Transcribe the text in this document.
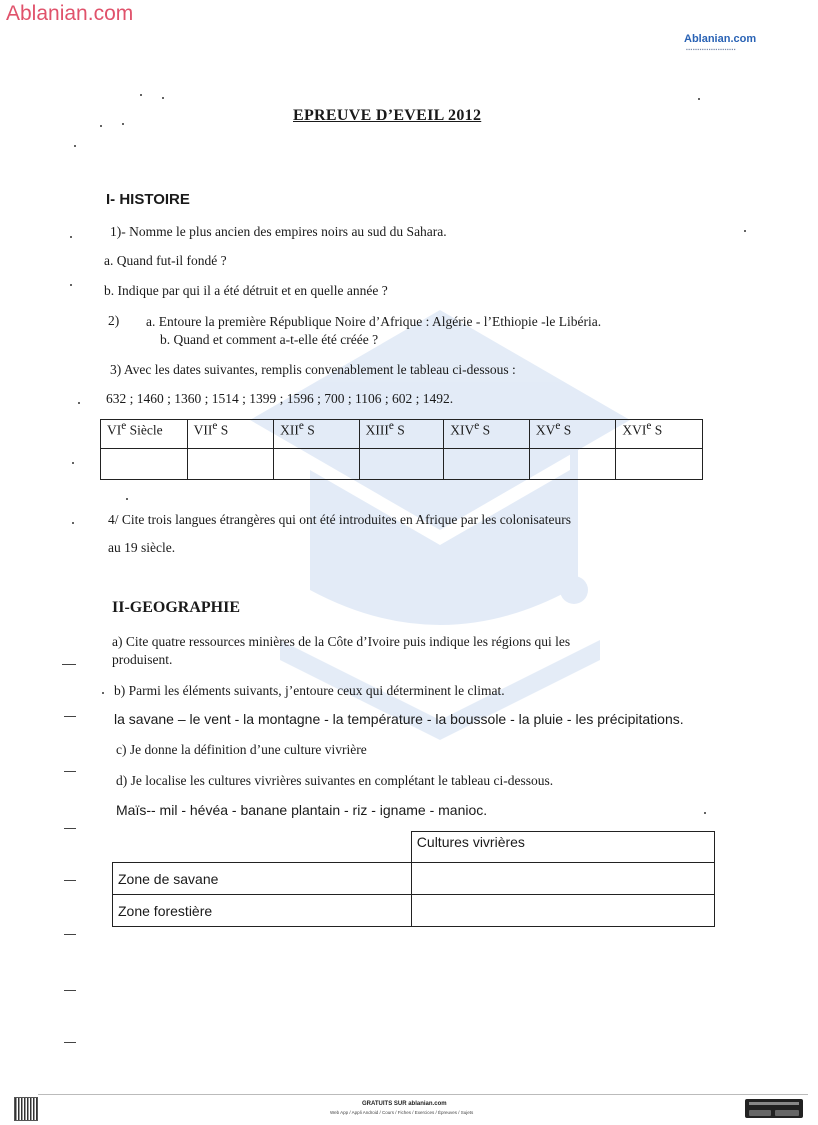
Ablanian.com
Ablanian.com
▪▪▪▪▪▪▪▪▪▪▪▪▪▪▪▪▪▪▪▪▪▪
EPREUVE D’EVEIL 2012
I- HISTOIRE
1)- Nomme le plus ancien des empires noirs au sud du Sahara.
a. Quand fut-il fondé ?
b. Indique par qui il a été détruit et en quelle année ?
2) a. Entoure la première République Noire d’Afrique : Algérie - l’Ethiopie -le Libéria.
b. Quand et comment a-t-elle été créée ?
3) Avec les dates suivantes, remplis convenablement le tableau ci-dessous :
632 ; 1460 ; 1360 ; 1514 ; 1399 ; 1596 ; 700 ; 1106 ; 602 ; 1492.
VIe Siècle	VIIe S	XIIe S	XIIIe S	XIVe S	XVe S	XVIe S

4/ Cite trois langues étrangères qui ont été introduites en Afrique par les colonisateurs
au 19 siècle.
II-GEOGRAPHIE
a) Cite quatre ressources minières de la Côte d’Ivoire puis indique les régions qui les
produisent.
b) Parmi les éléments suivants, j’entoure ceux qui déterminent le climat.
la savane – le vent - la montagne - la température - la boussole - la pluie - les précipitations.
c) Je donne la définition d’une culture vivrière
d) Je localise les cultures vivrières suivantes en complétant le tableau ci-dessous.
Maïs-- mil - hévéa - banane plantain - riz - igname - manioc.
	Cultures vivrières
Zone de savane	
Zone forestière	
GRATUITS SUR ablanian.com
Web App / Appli Android / Cours / Fiches / Exercices / Épreuves / Sujets
